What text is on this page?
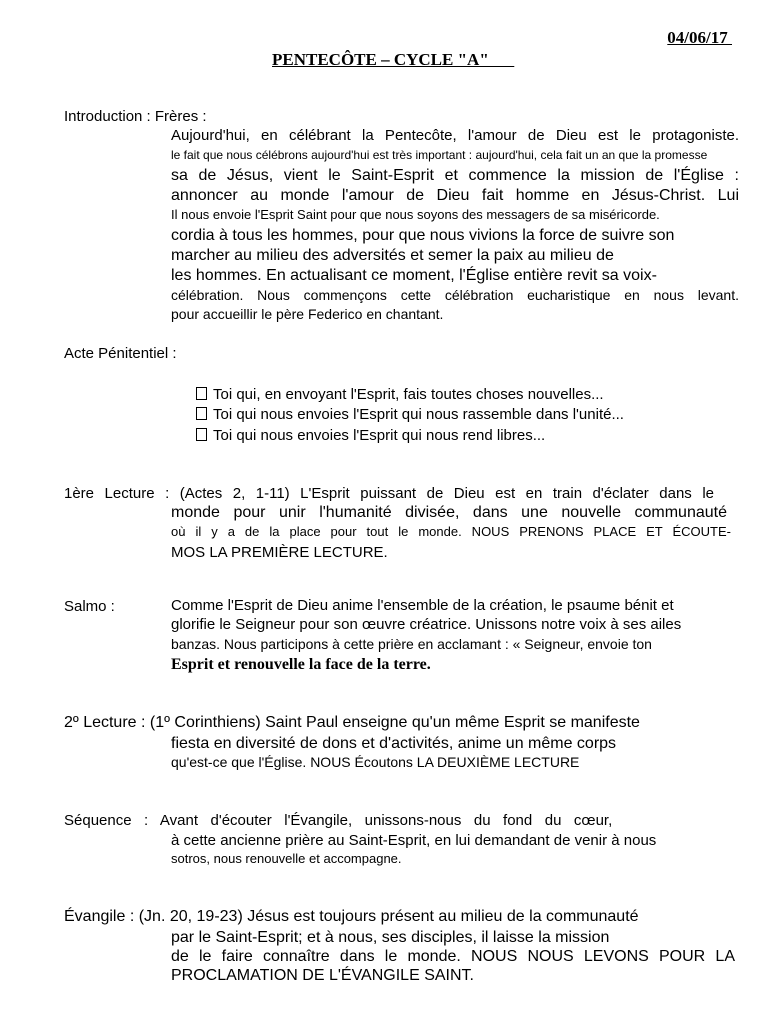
04/06/17
PENTECÔTE – CYCLE "A"
Introduction : Frères :
Aujourd'hui, en célébrant la Pentecôte, l'amour de Dieu est le protagoniste.
le fait que nous célébrons aujourd'hui est très important : aujourd'hui, cela fait un an que la promesse
sa de Jésus, vient le Saint-Esprit et commence la mission de l'Église :
annoncer au monde l'amour de Dieu fait homme en Jésus-Christ. Lui
Il nous envoie l'Esprit Saint pour que nous soyons des messagers de sa miséricorde.
cordia à tous les hommes, pour que nous vivions la force de suivre son
marcher au milieu des adversités et semer la paix au milieu de
les hommes. En actualisant ce moment, l'Église entière revit sa voix-
célébration. Nous commençons cette célébration eucharistique en nous levant.
pour accueillir le père Federico en chantant.
Acte Pénitentiel :
Toi qui, en envoyant l'Esprit, fais toutes choses nouvelles...
Toi qui nous envoies l'Esprit qui nous rassemble dans l'unité...
Toi qui nous envoies l'Esprit qui nous rend libres...
1ère Lecture : (Actes 2, 1-11) L'Esprit puissant de Dieu est en train d'éclater dans le
monde pour unir l'humanité divisée, dans une nouvelle communauté
où il y a de la place pour tout le monde. NOUS PRENONS PLACE ET ÉCOUTE-
MOS LA PREMIÈRE LECTURE.
Salmo :	Comme l'Esprit de Dieu anime l'ensemble de la création, le psaume bénit et
glorifie le Seigneur pour son œuvre créatrice. Unissons notre voix à ses ailes
banzas. Nous participons à cette prière en acclamant : « Seigneur, envoie ton
Esprit et renouvelle la face de la terre.
2º Lecture : (1º Corinthiens) Saint Paul enseigne qu'un même Esprit se manifeste
fiesta en diversité de dons et d'activités, anime un même corps
qu'est-ce que l'Église. NOUS Écoutons LA DEUXIÈME LECTURE
Séquence   :   Avant   d'écouter   l'Évangile,   unissons-nous   du   fond   du   cœur,
à cette ancienne prière au Saint-Esprit, en lui demandant de venir à nous
sotros, nous renouvelle et accompagne.
Évangile : (Jn. 20, 19-23) Jésus est toujours présent au milieu de la communauté
par le Saint-Esprit; et à nous, ses disciples, il laisse la mission
de le faire connaître dans le monde. NOUS NOUS LEVONS POUR LA
PROCLAMATION DE L'ÉVANGILE SAINT.
